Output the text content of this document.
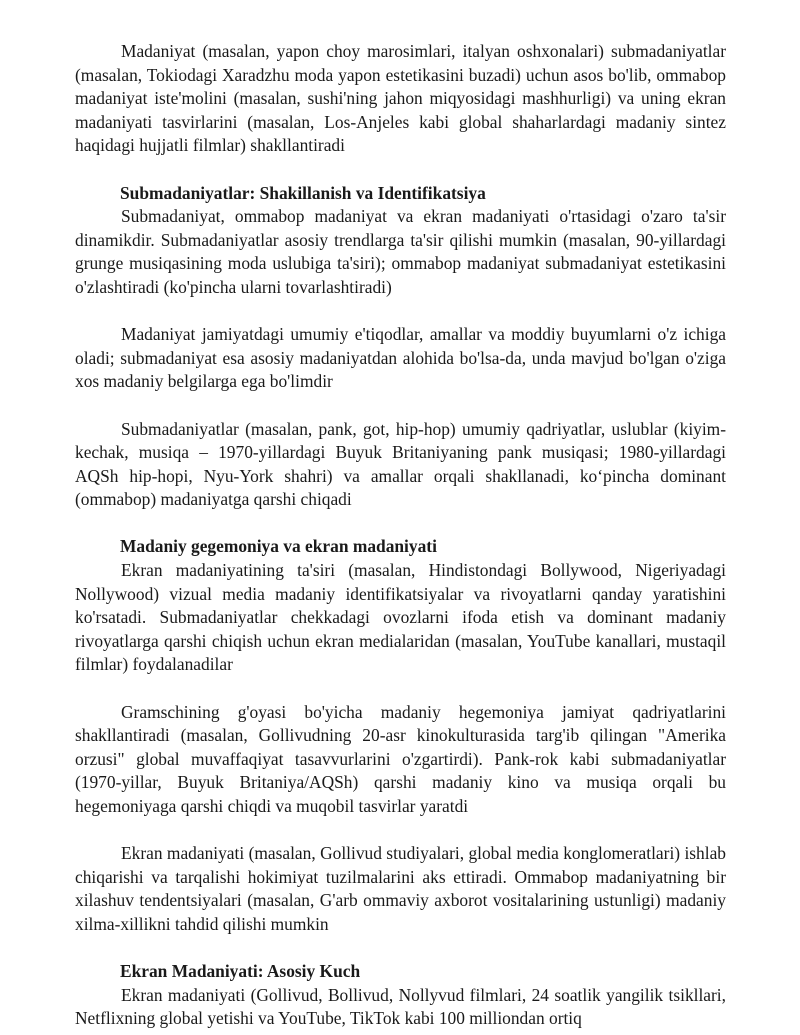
Madaniyat (masalan, yapon choy marosimlari, italyan oshxonalari) submadaniyatlar (masalan, Tokiodagi Xaradzhu moda yapon estetikasini buzadi) uchun asos bo'lib, ommabop madaniyat iste'molini (masalan, sushi'ning jahon miqyosidagi mashhurligi) va uning ekran madaniyati tasvirlarini (masalan, Los-Anjeles kabi global shaharlardagi madaniy sintez haqidagi hujjatli filmlar) shakllantiradi

Submadaniyatlar: Shakillanish va Identifikatsiya

Submadaniyat, ommabop madaniyat va ekran madaniyati o'rtasidagi o'zaro ta'sir dinamikdir. Submadaniyatlar asosiy trendlarga ta'sir qilishi mumkin (masalan, 90-yillardagi grunge musiqasining moda uslubiga ta'siri); ommabop madaniyat submadaniyat estetikasini o'zlashtiradi (ko'pincha ularni tovarlashtiradi)

Madaniyat jamiyatdagi umumiy e'tiqodlar, amallar va moddiy buyumlarni o'z ichiga oladi; submadaniyat esa asosiy madaniyatdan alohida bo'lsa-da, unda mavjud bo'lgan o'ziga xos madaniy belgilarga ega bo'limdir

Submadaniyatlar (masalan, pank, got, hip-hop) umumiy qadriyatlar, uslublar (kiyim-kechak, musiqa – 1970-yillardagi Buyuk Britaniyaning pank musiqasi; 1980-yillardagi AQSh hip-hopi, Nyu-York shahri) va amallar orqali shakllanadi, ko‘pincha dominant (ommabop) madaniyatga qarshi chiqadi

Madaniy gegemoniya va ekran madaniyati

Ekran madaniyatining ta'siri (masalan, Hindistondagi Bollywood, Nigeriyadagi Nollywood) vizual media madaniy identifikatsiyalar va rivoyatlarni qanday yaratishini ko'rsatadi. Submadaniyatlar chekkadagi ovozlarni ifoda etish va dominant madaniy rivoyatlarga qarshi chiqish uchun ekran medialaridan (masalan, YouTube kanallari, mustaqil filmlar) foydalanadilar

Gramschining g'oyasi bo'yicha madaniy hegemoniya jamiyat qadriyatlarini shakllantiradi (masalan, Gollivudning 20-asr kinokulturasida targ'ib qilingan "Amerika orzusi" global muvaffaqiyat tasavvurlarini o'zgartirdi). Pank-rok kabi submadaniyatlar (1970-yillar, Buyuk Britaniya/AQSh) qarshi madaniy kino va musiqa orqali bu hegemoniyaga qarshi chiqdi va muqobil tasvirlar yaratdi

Ekran madaniyati (masalan, Gollivud studiyalari, global media konglomeratlari) ishlab chiqarishi va tarqalishi hokimiyat tuzilmalarini aks ettiradi. Ommabop madaniyatning bir xilashuv tendentsiyalari (masalan, G'arb ommaviy axborot vositalarining ustunligi) madaniy xilma-xillikni tahdid qilishi mumkin

Ekran Madaniyati: Asosiy Kuch

Ekran madaniyati (Gollivud, Bollivud, Nollyvud filmlari, 24 soatlik yangilik tsikllari, Netflixning global yetishi va YouTube, TikTok kabi 100 milliondan ortiq
